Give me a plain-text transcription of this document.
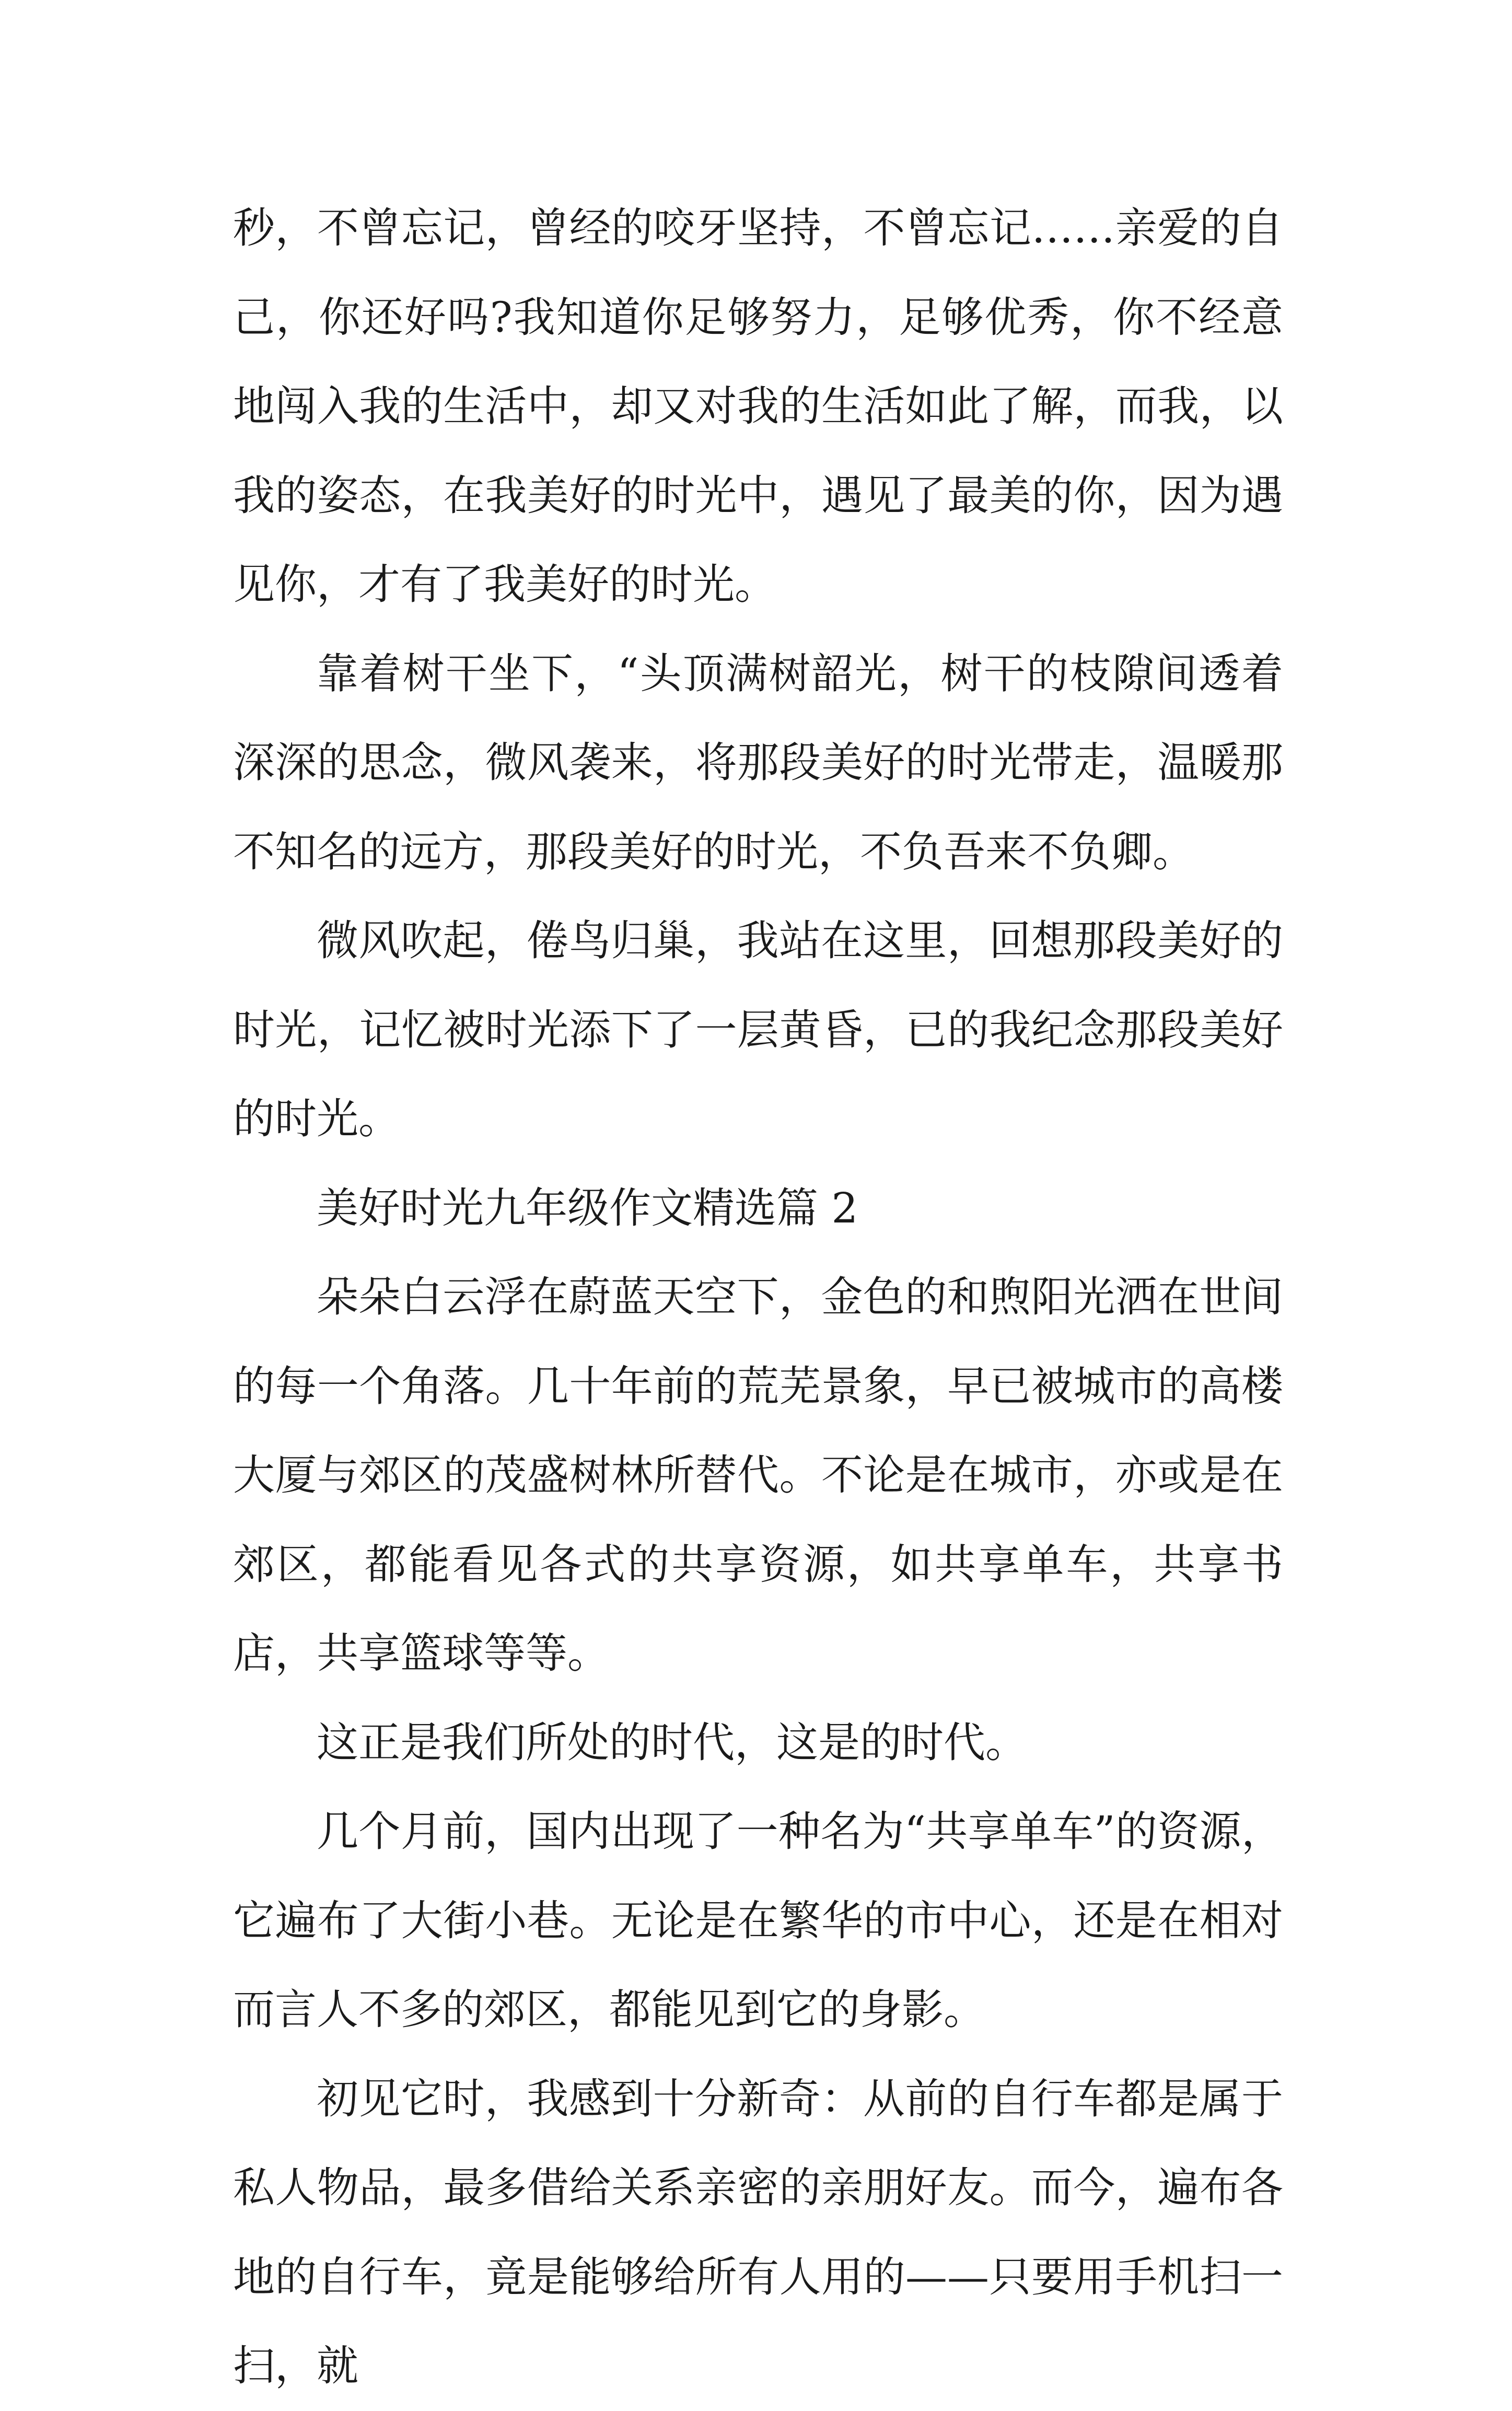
秒，不曾忘记，曾经的咬牙坚持，不曾忘记……亲爱的自己，你还好吗?我知道你足够努力，足够优秀，你不经意地闯入我的生活中，却又对我的生活如此了解，而我，以我的姿态，在我美好的时光中，遇见了最美的你，因为遇见你，才有了我美好的时光。

靠着树干坐下，“头顶满树韶光，树干的枝隙间透着深深的思念，微风袭来，将那段美好的时光带走，温暖那不知名的远方，那段美好的时光，不负吾来不负卿。

微风吹起，倦鸟归巢，我站在这里，回想那段美好的时光，记忆被时光添下了一层黄昏，已的我纪念那段美好的时光。

美好时光九年级作文精选篇 2

朵朵白云浮在蔚蓝天空下，金色的和煦阳光洒在世间的每一个角落。几十年前的荒芜景象，早已被城市的高楼大厦与郊区的茂盛树林所替代。不论是在城市，亦或是在郊区，都能看见各式的共享资源，如共享单车，共享书店，共享篮球等等。

这正是我们所处的时代，这是的时代。

几个月前，国内出现了一种名为“共享单车”的资源，它遍布了大街小巷。无论是在繁华的市中心，还是在相对而言人不多的郊区，都能见到它的身影。

初见它时，我感到十分新奇：从前的自行车都是属于私人物品，最多借给关系亲密的亲朋好友。而今，遍布各地的自行车，竟是能够给所有人用的——只要用手机扫一扫，就
